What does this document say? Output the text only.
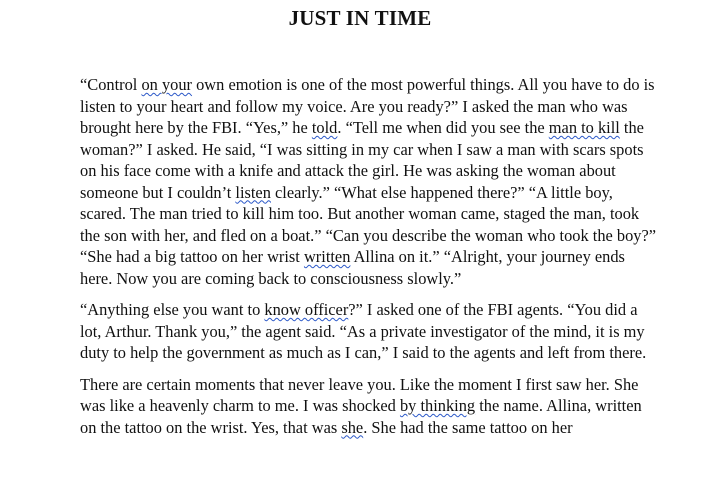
JUST IN TIME

“Control on your own emotion is one of the most powerful things. All you have to do is listen to your heart and follow my voice. Are you ready?” I asked the man who was brought here by the FBI. “Yes,” he told. “Tell me when did you see the man to kill the woman?” I asked. He said, “I was sitting in my car when I saw a man with scars spots on his face come with a knife and attack the girl. He was asking the woman about someone but I couldn’t listen clearly.” “What else happened there?” “A little boy, scared. The man tried to kill him too. But another woman came, staged the man, took the son with her, and fled on a boat.” “Can you describe the woman who took the boy?” “She had a big tattoo on her wrist written Allina on it.” “Alright, your journey ends here. Now you are coming back to consciousness slowly.”

“Anything else you want to know officer?” I asked one of the FBI agents. “You did a lot, Arthur. Thank you,” the agent said. “As a private investigator of the mind, it is my duty to help the government as much as I can,” I said to the agents and left from there.

There are certain moments that never leave you. Like the moment I first saw her. She was like a heavenly charm to me. I was shocked by thinking the name. Allina, written on the tattoo on the wrist. Yes, that was she. She had the same tattoo on her
